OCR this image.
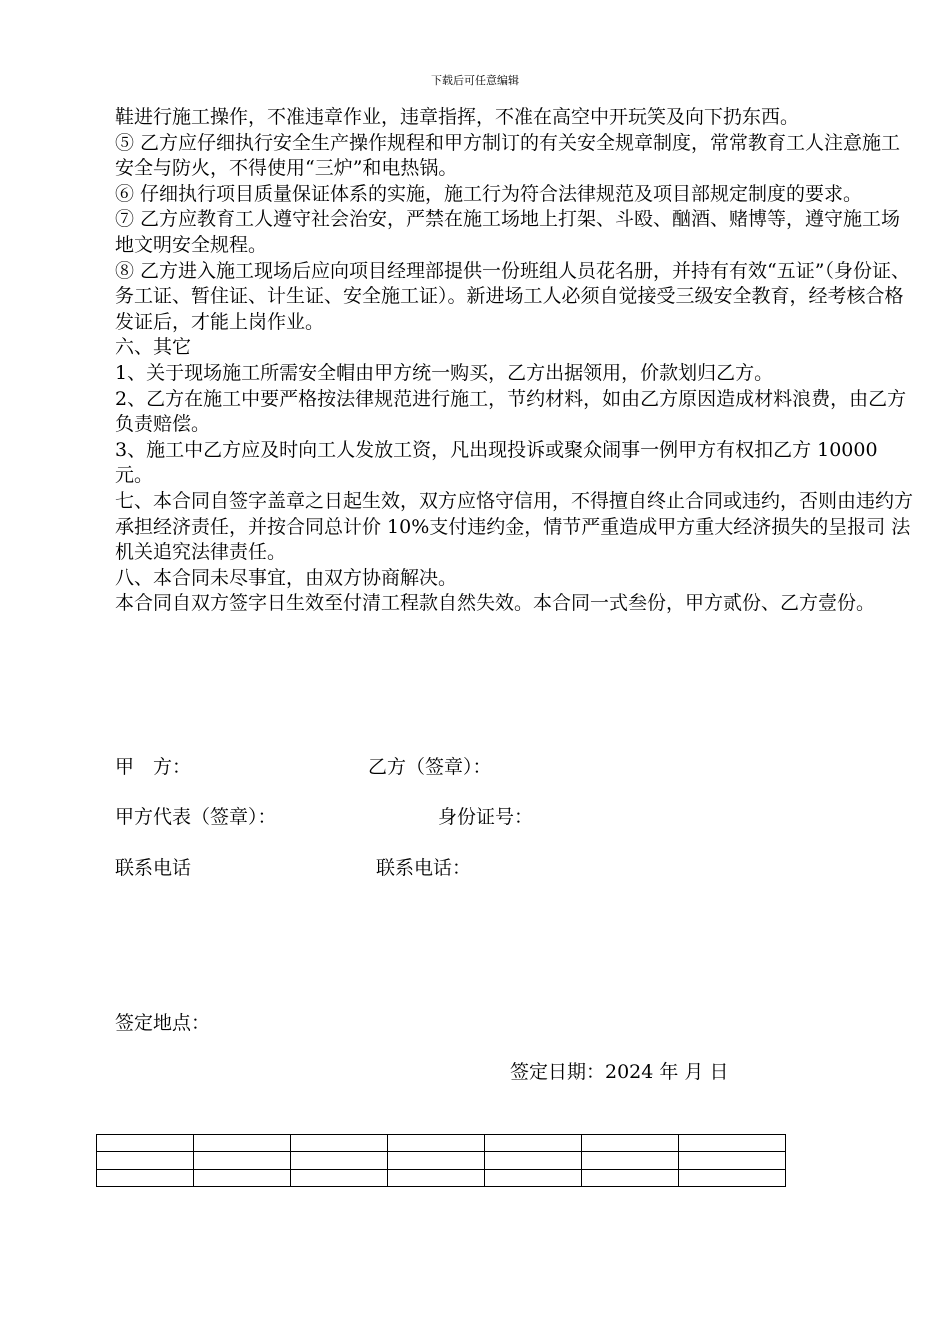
下载后可任意编辑

鞋进行施工操作，不准违章作业，违章指挥，不准在高空中开玩笑及向下扔东西。

⑤ 乙方应仔细执行安全生产操作规程和甲方制订的有关安全规章制度，常常教育工人注意施工安全与防火，不得使用“三炉”和电热锅。

⑥ 仔细执行项目质量保证体系的实施，施工行为符合法律规范及项目部规定制度的要求。

⑦ 乙方应教育工人遵守社会治安，严禁在施工场地上打架、斗殴、酗酒、赌博等，遵守施工场地文明安全规程。

⑧ 乙方进入施工现场后应向项目经理部提供一份班组人员花名册，并持有有效“五证”（身份证、务工证、暂住证、计生证、安全施工证）。新进场工人必须自觉接受三级安全教育，经考核合格发证后，才能上岗作业。

六、其它

1、关于现场施工所需安全帽由甲方统一购买，乙方出据领用，价款划归乙方。

2、乙方在施工中要严格按法律规范进行施工，节约材料，如由乙方原因造成材料浪费，由乙方负责赔偿。

3、施工中乙方应及时向工人发放工资，凡出现投诉或聚众闹事一例甲方有权扣乙方 10000 元。

七、本合同自签字盖章之日起生效，双方应恪守信用，不得擅自终止合同或违约，否则由违约方承担经济责任，并按合同总计价 10%支付违约金，情节严重造成甲方重大经济损失的呈报司 法机关追究法律责任。

八、本合同未尽事宜，由双方协商解决。

本合同自双方签字日生效至付清工程款自然失效。本合同一式叁份，甲方贰份、乙方壹份。

甲　方：	乙方（签章）：
甲方代表（签章）：	身份证号：
联系电话	联系电话：
签定地点：
签定日期：2024 年 月 日
